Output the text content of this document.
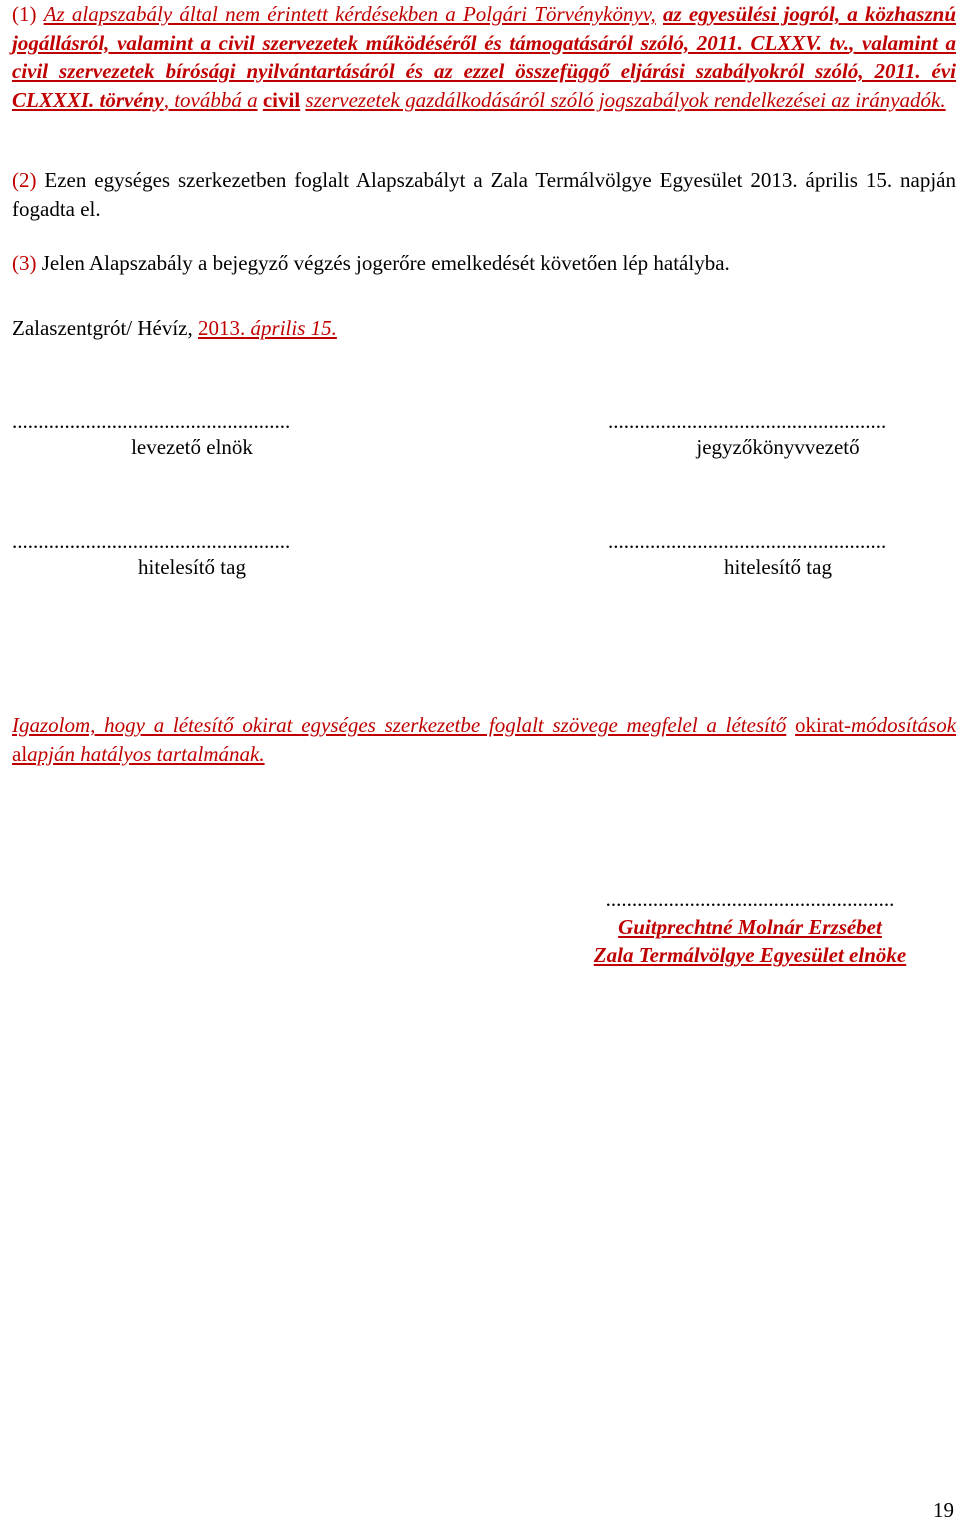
(1) Az alapszabály által nem érintett kérdésekben a Polgári Törvénykönyv, az egyesülési jogról, a közhasznú jogállásról, valamint a civil szervezetek működéséről és támogatásáról szóló, 2011. CLXXV. tv., valamint a civil szervezetek bírósági nyilvántartásáról és az ezzel összefüggő eljárási szabályokról szóló, 2011. évi CLXXXI. törvény, továbbá a civil szervezetek gazdálkodásáról szóló jogszabályok rendelkezései az irányadók.
(2) Ezen egységes szerkezetben foglalt Alapszabályt a Zala Termálvölgye Egyesület 2013. április 15. napján fogadta el.
(3) Jelen Alapszabály a bejegyző végzés jogerőre emelkedését követően lép hatályba.
Zalaszentgrót/ Hévíz, 2013. április 15.
.....................................................
levezető elnök
.....................................................
jegyzőkönyvvezető
.....................................................
hitelesítő tag
.....................................................
hitelesítő tag
Igazolom, hogy a létesítő okirat egységes szerkezetbe foglalt szövege megfelel a létesítő okirat-módosítások alapján hatályos tartalmának.
.......................................................
Guitprechtné Molnár Erzsébet
Zala Termálvölgye Egyesület elnöke
19
